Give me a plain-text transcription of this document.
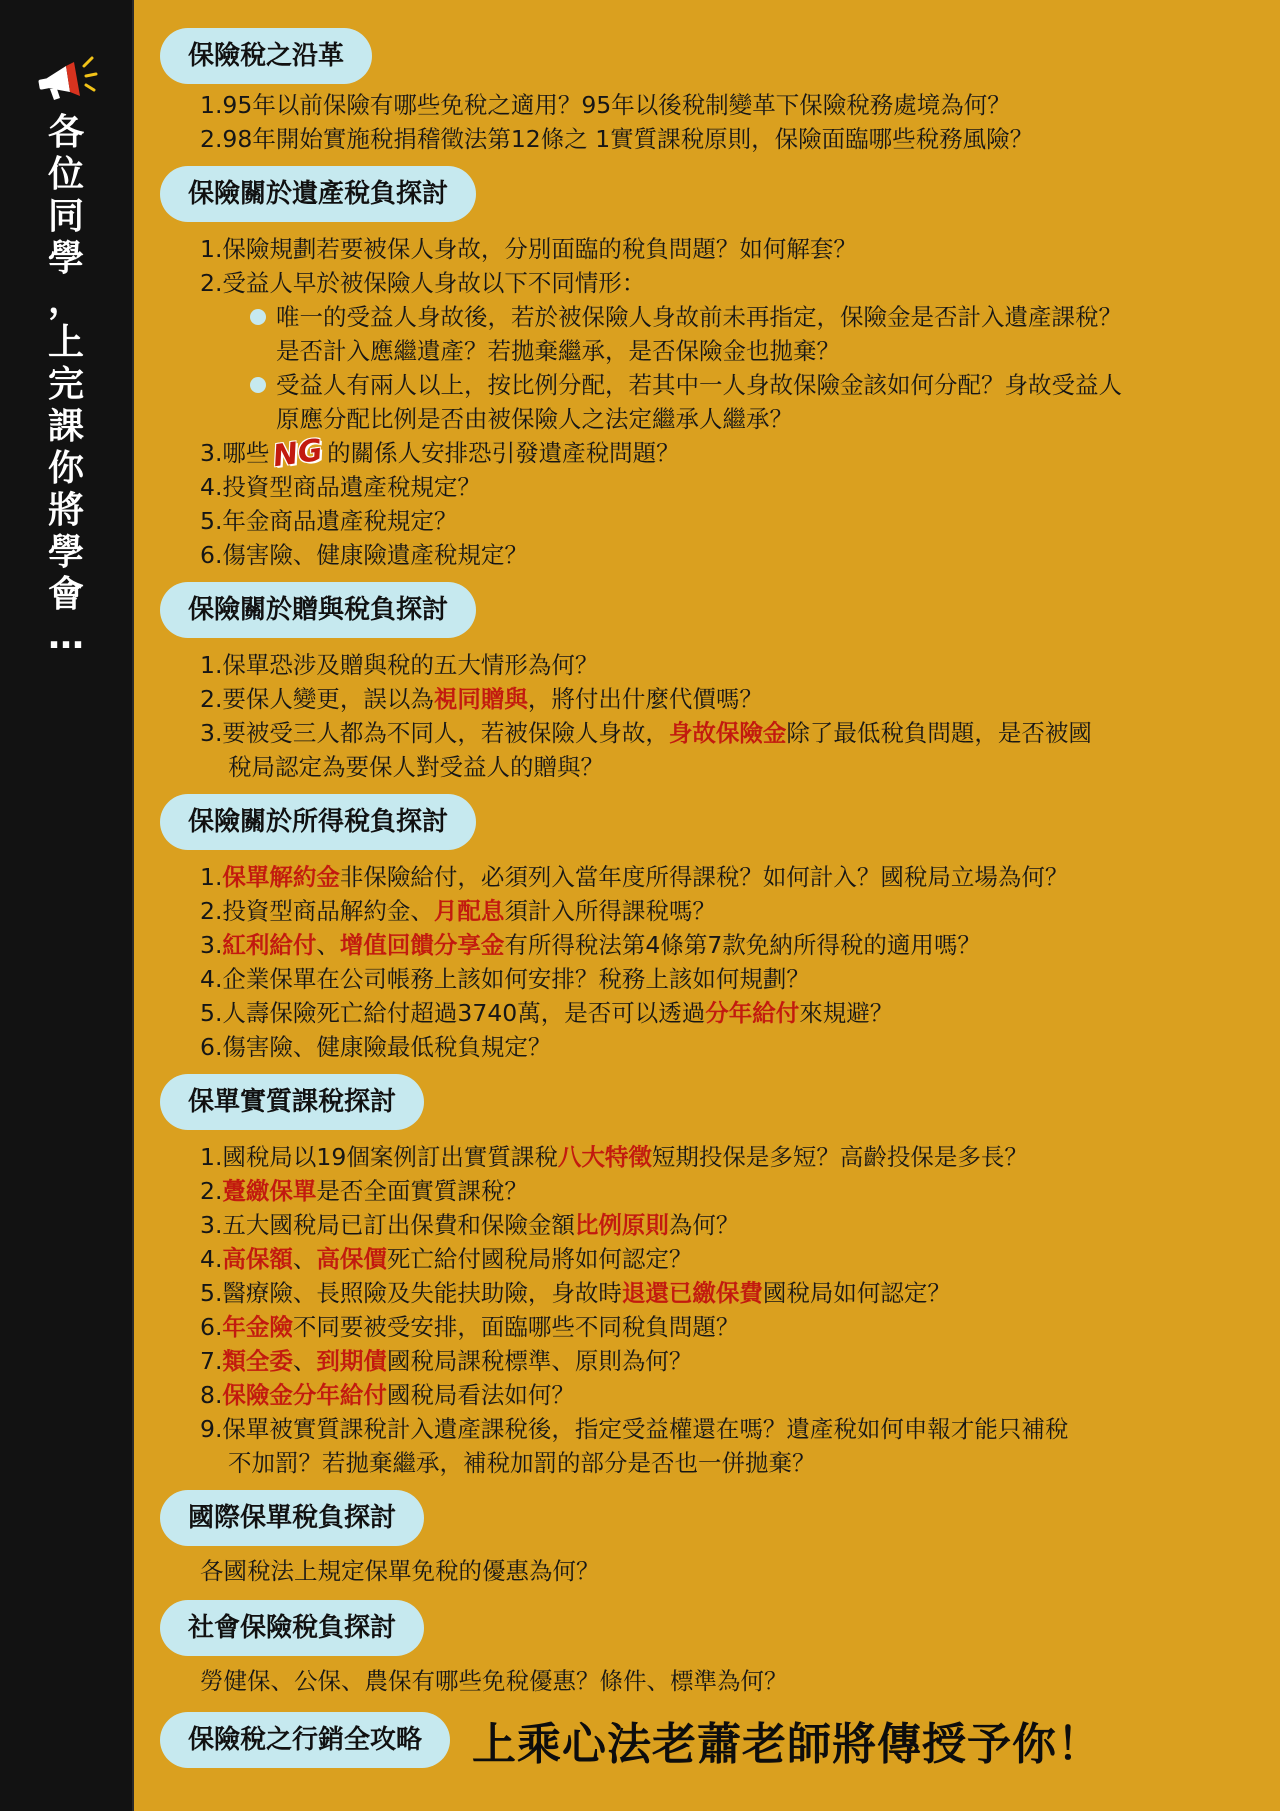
各
位
同
學
，
上
完
課
你
將
學
會
…
保險稅之沿革
1.95年以前保險有哪些免稅之適用？95年以後稅制變革下保險稅務處境為何？
2.98年開始實施稅捐稽徵法第12條之 1實質課稅原則，保險面臨哪些稅務風險？
保險關於遺產稅負探討
1.保險規劃若要被保人身故，分別面臨的稅負問題？如何解套？
2.受益人早於被保險人身故以下不同情形：
唯一的受益人身故後，若於被保險人身故前未再指定，保險金是否計入遺產課稅？
是否計入應繼遺產？若拋棄繼承，是否保險金也拋棄？
受益人有兩人以上，按比例分配，若其中一人身故保險金該如何分配？身故受益人
原應分配比例是否由被保險人之法定繼承人繼承？
3.哪些NG的關係人安排恐引發遺產稅問題？
4.投資型商品遺產稅規定？
5.年金商品遺產稅規定？
6.傷害險、健康險遺產稅規定？
保險關於贈與稅負探討
1.保單恐涉及贈與稅的五大情形為何？
2.要保人變更，誤以為視同贈與，將付出什麼代價嗎？
3.要被受三人都為不同人，若被保險人身故，身故保險金除了最低稅負問題，是否被國
稅局認定為要保人對受益人的贈與？
保險關於所得稅負探討
1.保單解約金非保險給付，必須列入當年度所得課稅？如何計入？國稅局立場為何？
2.投資型商品解約金、月配息須計入所得課稅嗎？
3.紅利給付、增值回饋分享金有所得稅法第4條第7款免納所得稅的適用嗎？
4.企業保單在公司帳務上該如何安排？稅務上該如何規劃？
5.人壽保險死亡給付超過3740萬，是否可以透過分年給付來規避？
6.傷害險、健康險最低稅負規定？
保單實質課稅探討
1.國稅局以19個案例訂出實質課稅八大特徵短期投保是多短？高齡投保是多長？
2.躉繳保單是否全面實質課稅？
3.五大國稅局已訂出保費和保險金額比例原則為何？
4.高保額、高保價死亡給付國稅局將如何認定？
5.醫療險、長照險及失能扶助險，身故時退還已繳保費國稅局如何認定？
6.年金險不同要被受安排，面臨哪些不同稅負問題？
7.類全委、到期債國稅局課稅標準、原則為何？
8.保險金分年給付國稅局看法如何？
9.保單被實質課稅計入遺產課稅後，指定受益權還在嗎？遺產稅如何申報才能只補稅
不加罰？若拋棄繼承，補稅加罰的部分是否也一併拋棄？
國際保單稅負探討
各國稅法上規定保單免稅的優惠為何？
社會保險稅負探討
勞健保、公保、農保有哪些免稅優惠？條件、標準為何？
保險稅之行銷全攻略	上乘心法老蕭老師將傳授予你！
